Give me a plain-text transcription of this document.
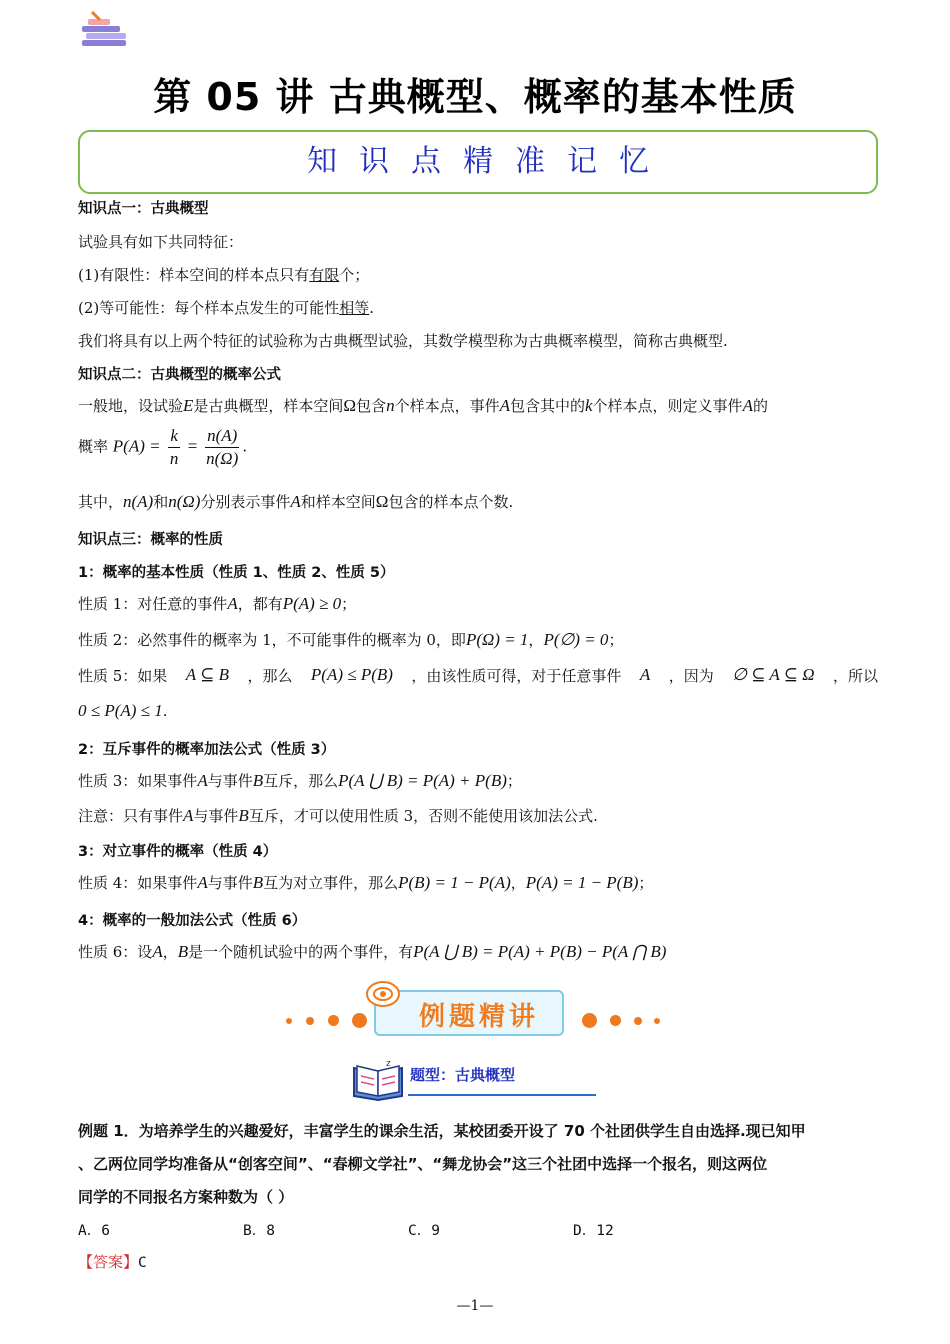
第 05 讲 古典概型、概率的基本性质
知识点精准记忆
知识点一：古典概型
试验具有如下共同特征：
(1)有限性：样本空间的样本点只有有限个；
(2)等可能性：每个样本点发生的可能性相等.
我们将具有以上两个特征的试验称为古典概型试验，其数学模型称为古典概率模型，简称古典概型.
知识点二：古典概型的概率公式
一般地，设试验E是古典概型，样本空间Ω包含n个样本点，事件A包含其中的k个样本点，则定义事件A的
概率 $P(A) = \frac{k}{n} = \frac{n(A)}{n(\Omega)}$ .
其中，n(A)和n(Ω)分别表示事件A和样本空间Ω包含的样本点个数.
知识点三：概率的性质
1：概率的基本性质（性质 1、性质 2、性质 5）
性质 1：对任意的事件A，都有P(A) ≥ 0；
性质 2：必然事件的概率为 1，不可能事件的概率为 0，即P(Ω) = 1，P(∅) = 0；
性质 5：如果 A ⊆ B ，那么 P(A) ≤ P(B) ，由该性质可得，对于任意事件 A ，因为 ∅ ⊆ A ⊆ Ω ，所以
0 ≤ P(A) ≤ 1.
2：互斥事件的概率加法公式（性质 3）
性质 3：如果事件A与事件B互斥，那么P(A ⋃ B) = P(A) + P(B)；
注意：只有事件A与事件B互斥，才可以使用性质 3，否则不能使用该加法公式.
3：对立事件的概率（性质 4）
性质 4：如果事件A与事件B互为对立事件，那么P(B) = 1 − P(A)，P(A) = 1 − P(B)；
4：概率的一般加法公式（性质 6）
性质 6：设A，B是一个随机试验中的两个事件，有P(A ⋃ B) = P(A) + P(B) − P(A ⋂ B)
例题精讲
z
题型：古典概型
例题 1．为培养学生的兴趣爱好，丰富学生的课余生活，某校团委开设了 70 个社团供学生自由选择.现已知甲
、乙两位同学均准备从“创客空间”、“春柳文学社”、“舞龙协会”这三个社团中选择一个报名，则这两位
同学的不同报名方案种数为（ ）
A．6	B．8	C．9	D．12
【答案】C
—1—
